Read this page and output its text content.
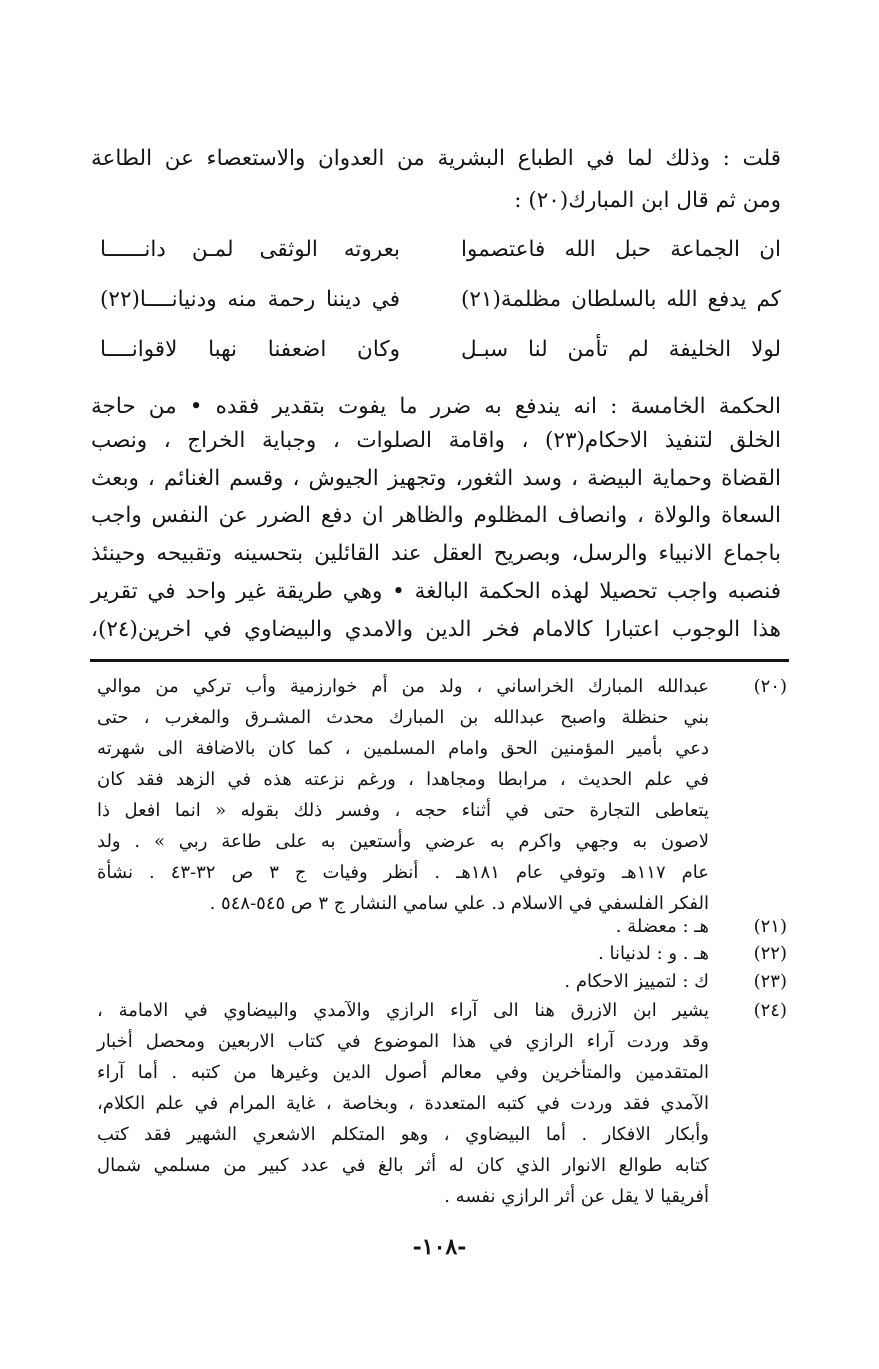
قلت : وذلك لما في الطباع البشرية من العدوان والاستعصاء عن الطاعة
ومن ثم قال ابن المبارك(٢٠) :
ان الجماعة حبل الله فاعتصموا
بعروته الوثقى لمـن دانــــــا
كم يدفع الله بالسلطان مظلمة(٢١)
في ديننا رحمة منه ودنيانــــا(٢٢)
لولا الخليفة لم تأمن لنا سبـل
وكان اضعفنا نهبا لاقوانــــا
الحكمة الخامسة : انه يندفع به ضرر ما يفوت بتقدير فقده • من حاجة
الخلق لتنفيذ الاحكام(٢٣) ، واقامة الصلوات ، وجباية الخراج ، ونصب
القضاة وحماية البيضة ، وسد الثغور، وتجهيز الجيوش ، وقسم الغنائم ، وبعث
السعاة والولاة ، وانصاف المظلوم والظاهر ان دفع الضرر عن النفس واجب
باجماع الانبياء والرسل، وبصريح العقل عند القائلين بتحسينه وتقبيحه وحينئذ
فنصبه واجب تحصيلا لهذه الحكمة البالغة • وهي طريقة غير واحد في تقرير
هذا الوجوب اعتبارا كالامام فخر الدين والامدي والبيضاوي في اخرين(٢٤)،
(٢٠)
عبدالله المبارك الخراساني ، ولد من أم خوارزمية وأب تركي من موالي
بني حنظلة واصبح عبدالله بن المبارك محدث المشـرق والمغرب ، حتى
دعي بأمير المؤمنين الحق وامام المسلمين ، كما كان بالاضافة الى شهرته
في علم الحديث ، مرابطا ومجاهدا ، ورغم نزعته هذه في الزهد فقد كان
يتعاطى التجارة حتى في أثناء حجه ، وفسر ذلك بقوله « انما افعل ذا
لاصون به وجهي واكرم به عرضي وأستعين به على طاعة ربي » . ولد
عام ١١٧هـ وتوفي عام ١٨١هـ . أنظر وفيات ج ٣ ص ٣٢-٤٣ . نشأة
الفكر الفلسفي في الاسلام د. علي سامي النشار ج ٣ ص ٥٤٥-٥٤٨ .
(٢١)
هـ : معضلة .
(٢٢)
هـ . و : لدنيانا .
(٢٣)
ك : لتمييز الاحكام .
(٢٤)
يشير ابن الازرق هنا الى آراء الرازي والآمدي والبيضاوي في الامامة ،
وقد وردت آراء الرازي في هذا الموضوع في كتاب الاربعين ومحصل أخبار
المتقدمين والمتأخرين وفي معالم أصول الدين وغيرها من كتبه . أما آراء
الآمدي فقد وردت في كتبه المتعددة ، وبخاصة ، غاية المرام في علم الكلام،
وأبكار الافكار . أما البيضاوي ، وهو المتكلم الاشعري الشهير فقد كتب
كتابه طوالع الانوار الذي كان له أثر بالغ في عدد كبير من مسلمي شمال
أفريقيا لا يقل عن أثر الرازي نفسه .
-١٠٨-
